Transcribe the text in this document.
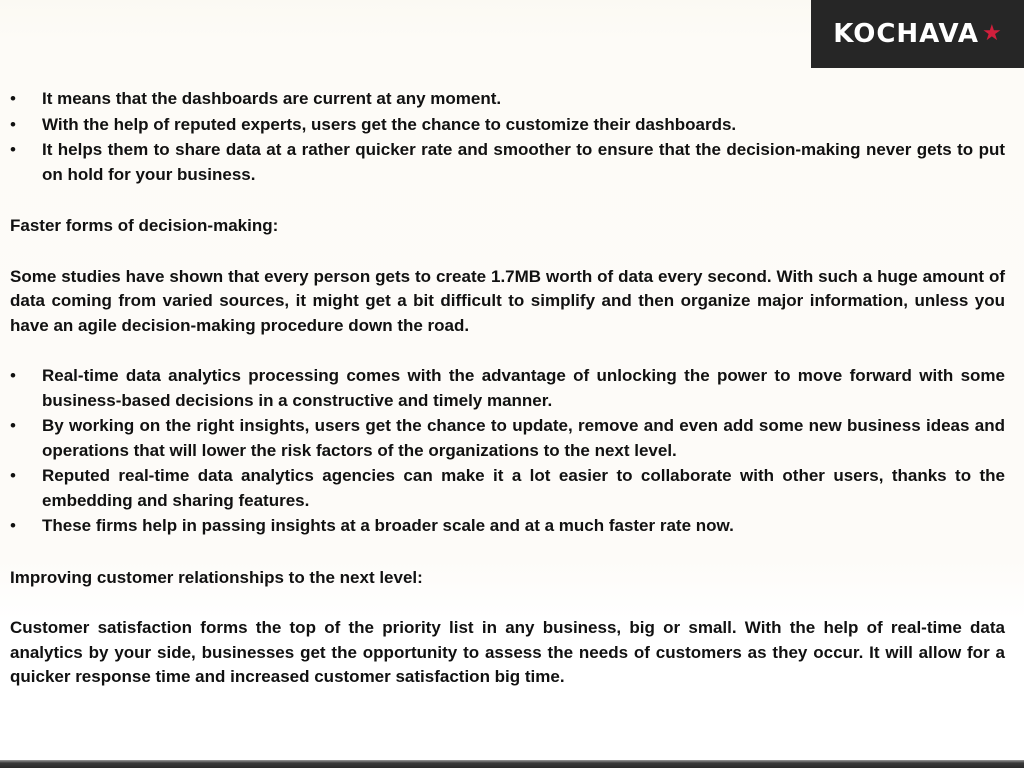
KOCHAVA ★
• It means that the dashboards are current at any moment.
• With the help of reputed experts, users get the chance to customize their dashboards.
• It helps them to share data at a rather quicker rate and smoother to ensure that the decision-making never gets to put on hold for your business.

Faster forms of decision-making:

Some studies have shown that every person gets to create 1.7MB worth of data every second. With such a huge amount of data coming from varied sources, it might get a bit difficult to simplify and then organize major information, unless you have an agile decision-making procedure down the road.

• Real-time data analytics processing comes with the advantage of unlocking the power to move forward with some business-based decisions in a constructive and timely manner.
• By working on the right insights, users get the chance to update, remove and even add some new business ideas and operations that will lower the risk factors of the organizations to the next level.
• Reputed real-time data analytics agencies can make it a lot easier to collaborate with other users, thanks to the embedding and sharing features.
• These firms help in passing insights at a broader scale and at a much faster rate now.

Improving customer relationships to the next level:

Customer satisfaction forms the top of the priority list in any business, big or small. With the help of real-time data analytics by your side, businesses get the opportunity to assess the needs of customers as they occur. It will allow for a quicker response time and increased customer satisfaction big time.
